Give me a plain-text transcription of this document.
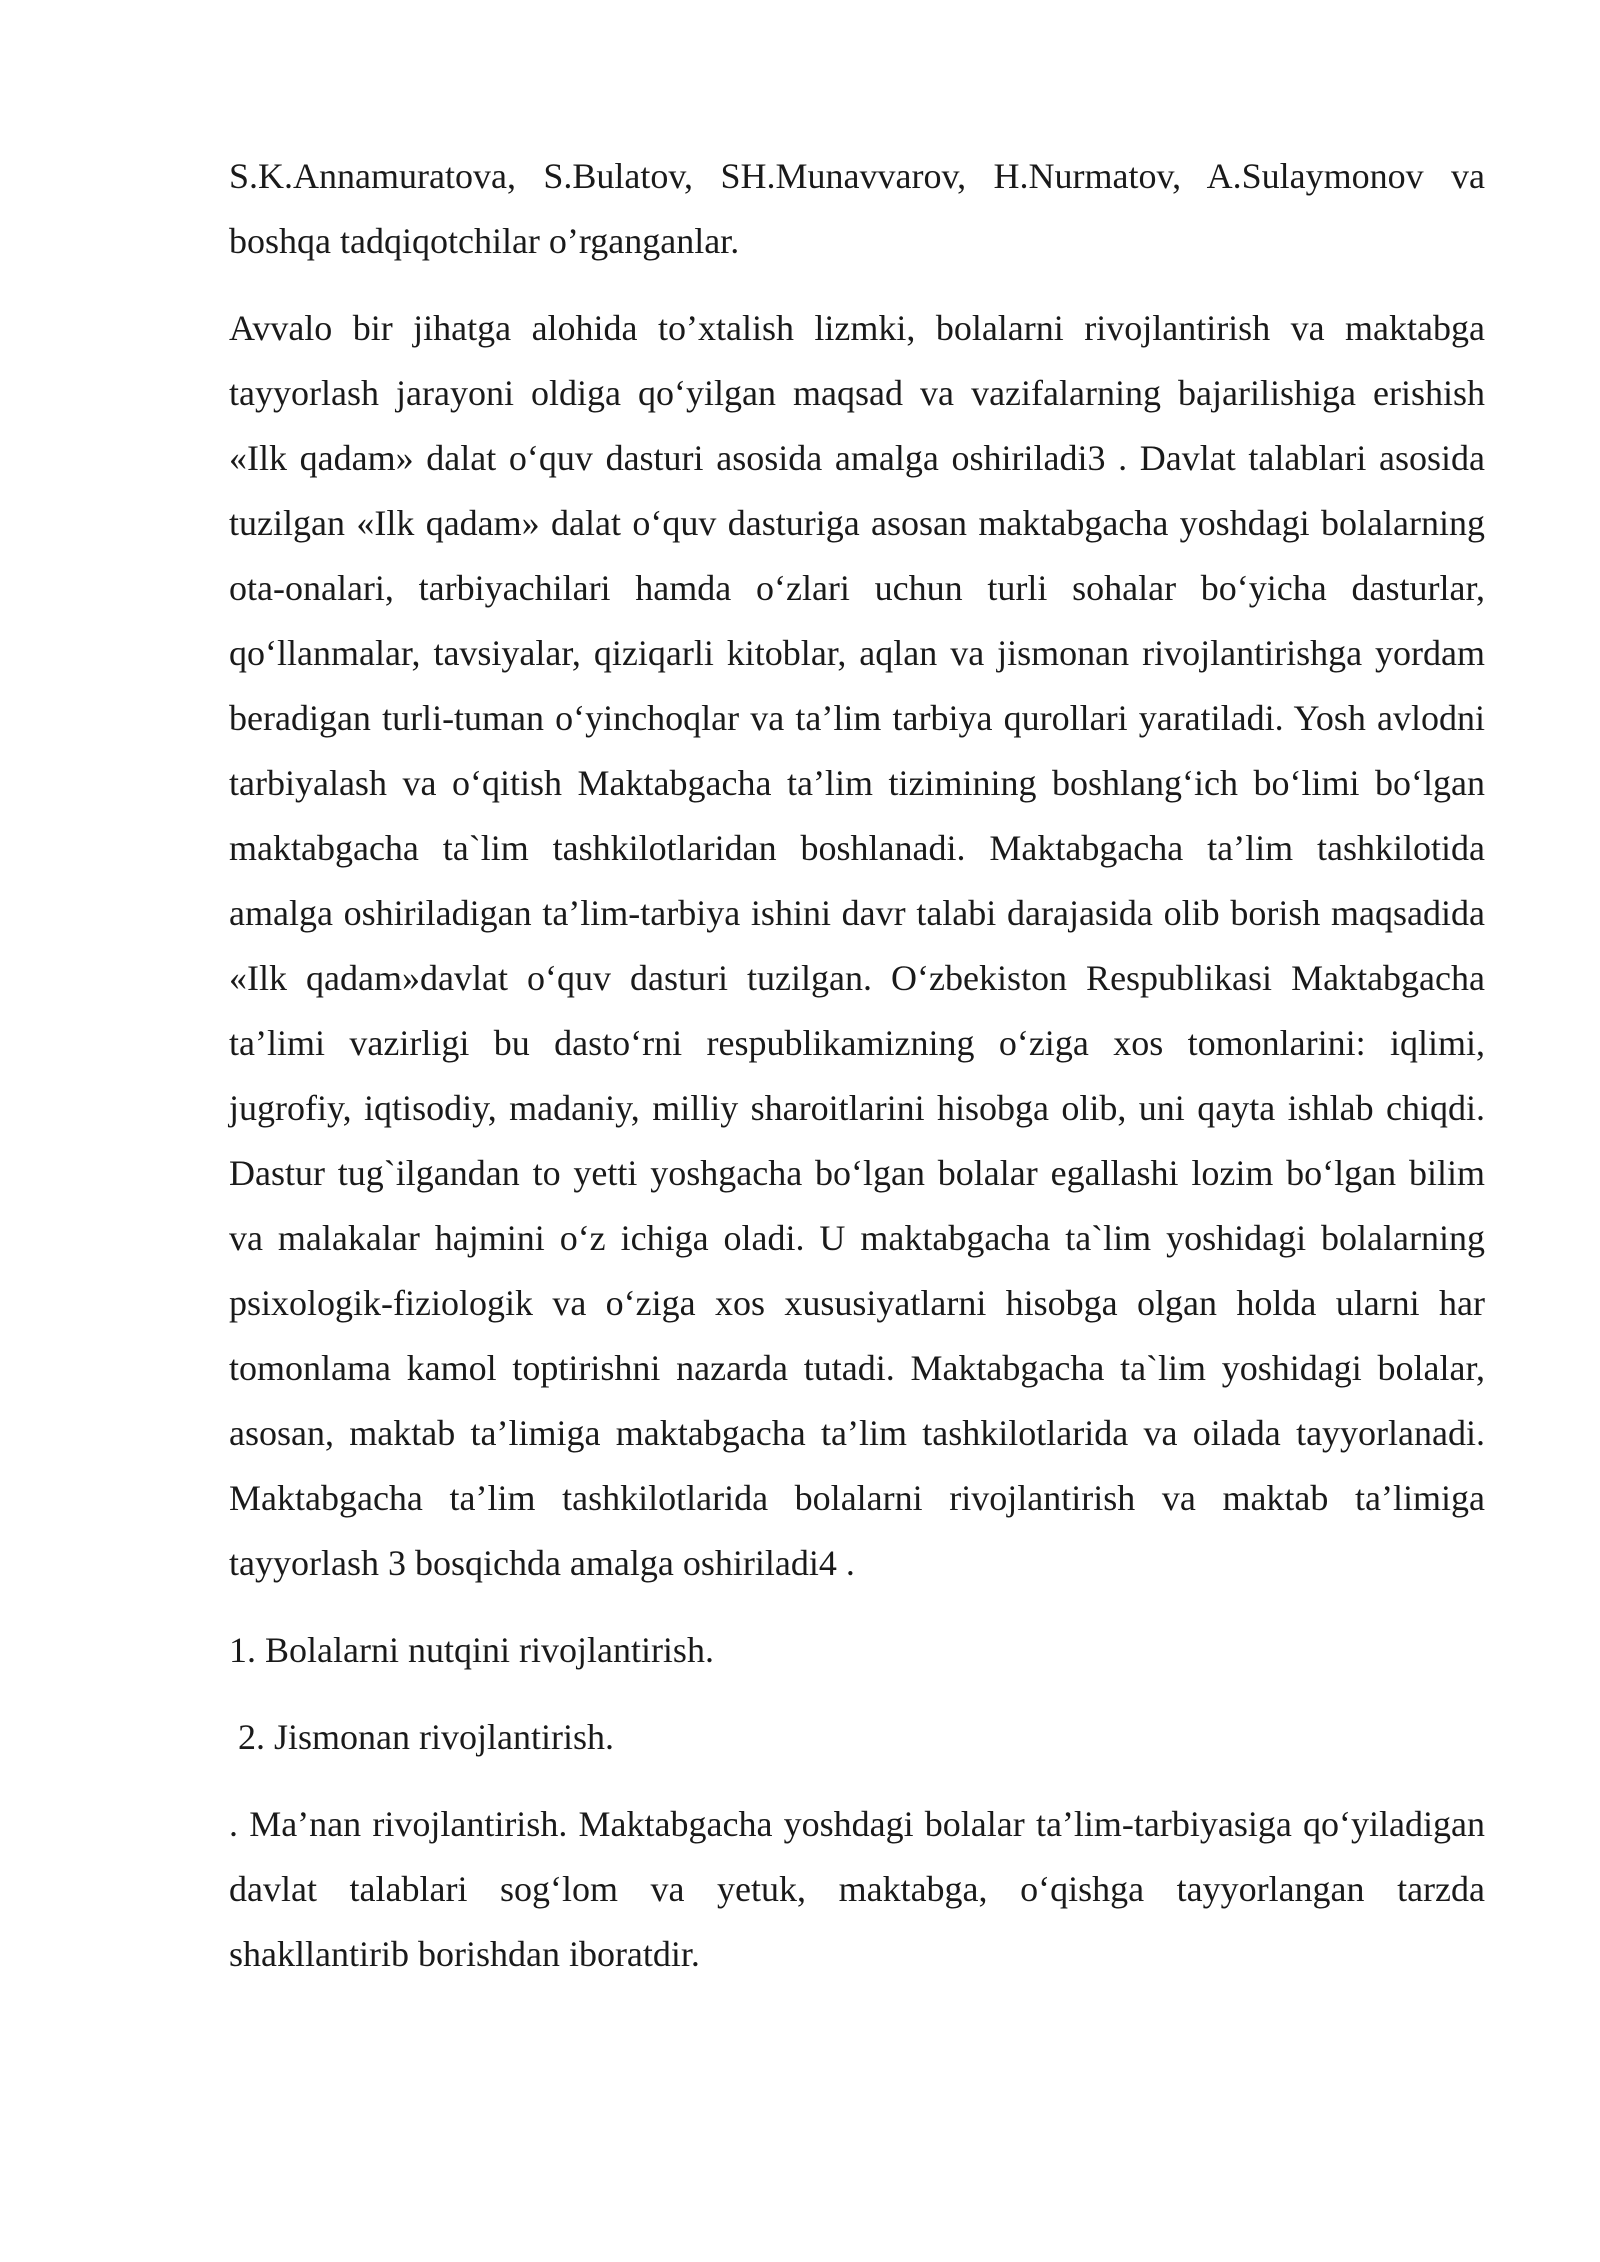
S.K.Annamuratova, S.Bulatov, SH.Munavvarov, H.Nurmatov, A.Sulaymonov va boshqa tadqiqotchilar o’rganganlar.

Avvalo bir jihatga alohida to’xtalish lizmki, bolalarni rivojlantirish va maktabga tayyorlash jarayoni oldiga qo‘yilgan maqsad va vazifalarning bajarilishiga erishish «Ilk qadam» dalat o‘quv dasturi asosida amalga oshiriladi3 . Davlat talablari asosida tuzilgan «Ilk qadam» dalat o‘quv dasturiga asosan maktabgacha yoshdagi bolalarning ota-onalari, tarbiyachilari hamda o‘zlari uchun turli sohalar bo‘yicha dasturlar, qo‘llanmalar, tavsiyalar, qiziqarli kitoblar, aqlan va jismonan rivojlantirishga yordam beradigan turli-tuman o‘yinchoqlar va ta’lim tarbiya qurollari yaratiladi. Yosh avlodni tarbiyalash va o‘qitish Maktabgacha ta’lim tizimining boshlang‘ich bo‘limi bo‘lgan maktabgacha ta`lim tashkilotlaridan boshlanadi. Maktabgacha ta’lim tashkilotida amalga oshiriladigan ta’lim-tarbiya ishini davr talabi darajasida olib borish maqsadida «Ilk qadam»davlat o‘quv dasturi tuzilgan. O‘zbekiston Respublikasi Maktabgacha ta’limi vazirligi bu dasto‘rni respublikamizning o‘ziga xos tomonlarini: iqlimi, jugrofiy, iqtisodiy, madaniy, milliy sharoitlarini hisobga olib, uni qayta ishlab chiqdi. Dastur tug`ilgandan to yetti yoshgacha bo‘lgan bolalar egallashi lozim bo‘lgan bilim va malakalar hajmini o‘z ichiga oladi. U maktabgacha ta`lim yoshidagi bolalarning psixologik-fiziologik va o‘ziga xos xususiyatlarni hisobga olgan holda ularni har tomonlama kamol toptirishni nazarda tutadi. Maktabgacha ta`lim yoshidagi bolalar, asosan, maktab ta’limiga maktabgacha ta’lim tashkilotlarida va oilada tayyorlanadi. Maktabgacha ta’lim tashkilotlarida bolalarni rivojlantirish va maktab ta’limiga tayyorlash 3 bosqichda amalga oshiriladi4 .

1. Bolalarni nutqini rivojlantirish.

2. Jismonan rivojlantirish.

. Ma’nan rivojlantirish. Maktabgacha yoshdagi bolalar ta’lim-tarbiyasiga qo‘yiladigan davlat talablari sog‘lom va yetuk, maktabga, o‘qishga tayyorlangan tarzda shakllantirib borishdan iboratdir.
